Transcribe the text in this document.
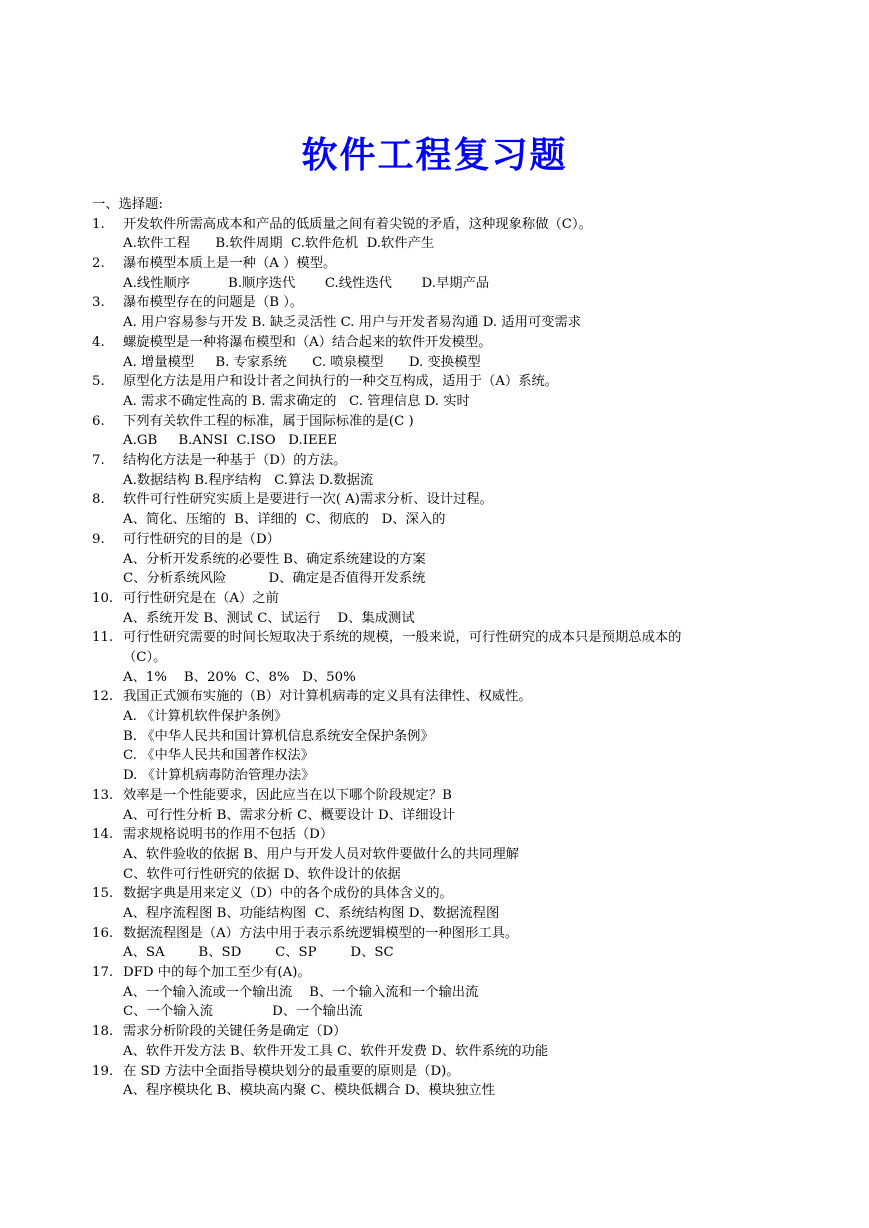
软件工程复习题
一、选择题:
1. 开发软件所需高成本和产品的低质量之间有着尖锐的矛盾，这种现象称做（C）。
A.软件工程      B.软件周期  C.软件危机  D.软件产生
2. 瀑布模型本质上是一种（A ）模型。
A.线性顺序         B.顺序迭代       C.线性迭代       D.早期产品
3. 瀑布模型存在的问题是（B ）。
A. 用户容易参与开发 B. 缺乏灵活性 C. 用户与开发者易沟通 D. 适用可变需求
4. 螺旋模型是一种将瀑布模型和（A）结合起来的软件开发模型。
A. 增量模型     B. 专家系统      C. 喷泉模型      D. 变换模型
5. 原型化方法是用户和设计者之间执行的一种交互构成，适用于（A）系统。
A. 需求不确定性高的 B. 需求确定的   C. 管理信息 D. 实时
6. 下列有关软件工程的标准，属于国际标准的是(C )
A.GB     B.ANSI  C.ISO   D.IEEE
7. 结构化方法是一种基于（D）的方法。
A.数据结构 B.程序结构   C.算法 D.数据流
8. 软件可行性研究实质上是要进行一次( A)需求分析、设计过程。
A、简化、压缩的  B、详细的  C、彻底的   D、深入的
9. 可行性研究的目的是（D）
A、分析开发系统的必要性 B、确定系统建设的方案
C、分析系统风险          D、确定是否值得开发系统
10. 可行性研究是在（A）之前
A、系统开发 B、测试 C、试运行    D、集成测试
11. 可行性研究需要的时间长短取决于系统的规模，一般来说，可行性研究的成本只是预期总成本的
（C）。
A、1%    B、20%  C、8%   D、50%
12. 我国正式颁布实施的（B）对计算机病毒的定义具有法律性、权威性。
A. 《计算机软件保护条例》
B. 《中华人民共和国计算机信息系统安全保护条例》
C. 《中华人民共和国著作权法》
D. 《计算机病毒防治管理办法》
13. 效率是一个性能要求，因此应当在以下哪个阶段规定？B
A、可行性分析 B、需求分析 C、概要设计 D、详细设计
14. 需求规格说明书的作用不包括（D）
A、软件验收的依据 B、用户与开发人员对软件要做什么的共同理解
C、软件可行性研究的依据 D、软件设计的依据
15. 数据字典是用来定义（D）中的各个成份的具体含义的。
A、程序流程图 B、功能结构图  C、系统结构图 D、数据流程图
16. 数据流程图是（A）方法中用于表示系统逻辑模型的一种图形工具。
A、SA        B、SD        C、SP        D、SC
17. DFD 中的每个加工至少有(A)。
A、一个输入流或一个输出流    B、一个输入流和一个输出流
C、一个输入流              D、一个输出流
18. 需求分析阶段的关键任务是确定（D）
A、软件开发方法 B、软件开发工具 C、软件开发费 D、软件系统的功能
19. 在 SD 方法中全面指导模块划分的最重要的原则是（D)。
A、程序模块化 B、模块高内聚 C、模块低耦合 D、模块独立性
